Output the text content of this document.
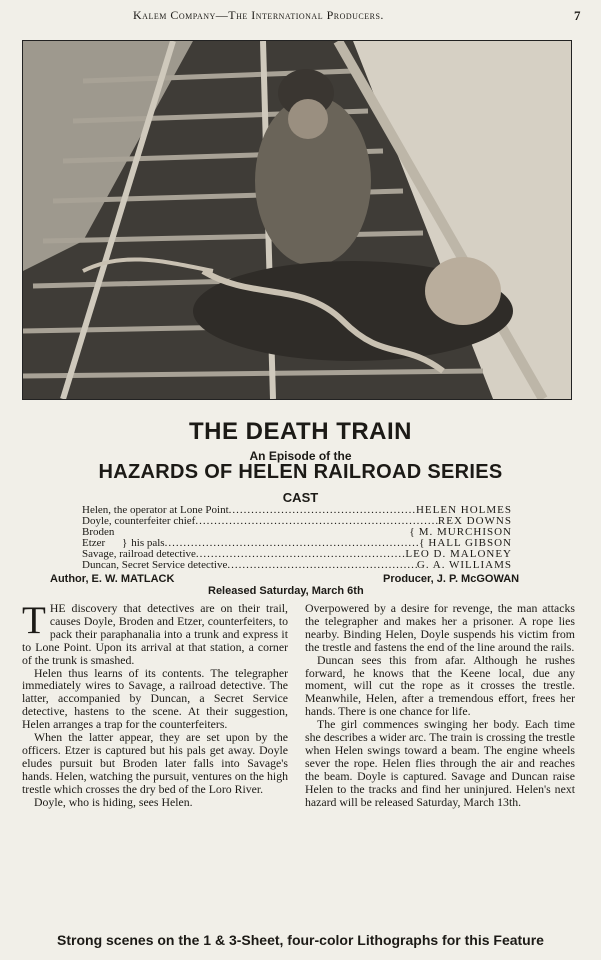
Kalem Company—The International Producers.	7
THE DEATH TRAIN
An Episode of the
HAZARDS OF HELEN RAILROAD SERIES
CAST
Helen, the operator at Lone Point .....	HELEN HOLMES
Doyle, counterfeiter chief .....	REX DOWNS
Broden	{ M. MURCHISON
Etzer	} his pals .....	{ HALL GIBSON
Savage, railroad detective .....	LEO D. MALONEY
Duncan, Secret Service detective .....	G. A. WILLIAMS
Author, E. W. MATLACK	Producer, J. P. McGOWAN
Released Saturday, March 6th

THE discovery that detectives are on their trail, causes Doyle, Broden and Etzer, counterfeiters, to pack their paraphanalia into a trunk and express it to Lone Point. Upon its arrival at that station, a corner of the trunk is smashed.

Helen thus learns of its contents. The telegrapher immediately wires to Savage, a railroad detective. The latter, accompanied by Duncan, a Secret Service detective, hastens to the scene. At their suggestion, Helen arranges a trap for the counterfeiters.

When the latter appear, they are set upon by the officers. Etzer is captured but his pals get away. Doyle eludes pursuit but Broden later falls into Savage's hands. Helen, watching the pursuit, ventures on the high trestle which crosses the dry bed of the Loro River.

Doyle, who is hiding, sees Helen.

Overpowered by a desire for revenge, the man attacks the telegrapher and makes her a prisoner. A rope lies nearby. Binding Helen, Doyle suspends his victim from the trestle and fastens the end of the line around the rails.

Duncan sees this from afar. Although he rushes forward, he knows that the Keene local, due any moment, will cut the rope as it crosses the trestle. Meanwhile, Helen, after a tremendous effort, frees her hands. There is one chance for life.

The girl commences swinging her body. Each time she describes a wider arc. The train is crossing the trestle when Helen swings toward a beam. The engine wheels sever the rope. Helen flies through the air and reaches the beam. Doyle is captured. Savage and Duncan raise Helen to the tracks and find her uninjured. Helen's next hazard will be released Saturday, March 13th.

Strong scenes on the 1 & 3-Sheet, four-color Lithographs for this Feature
